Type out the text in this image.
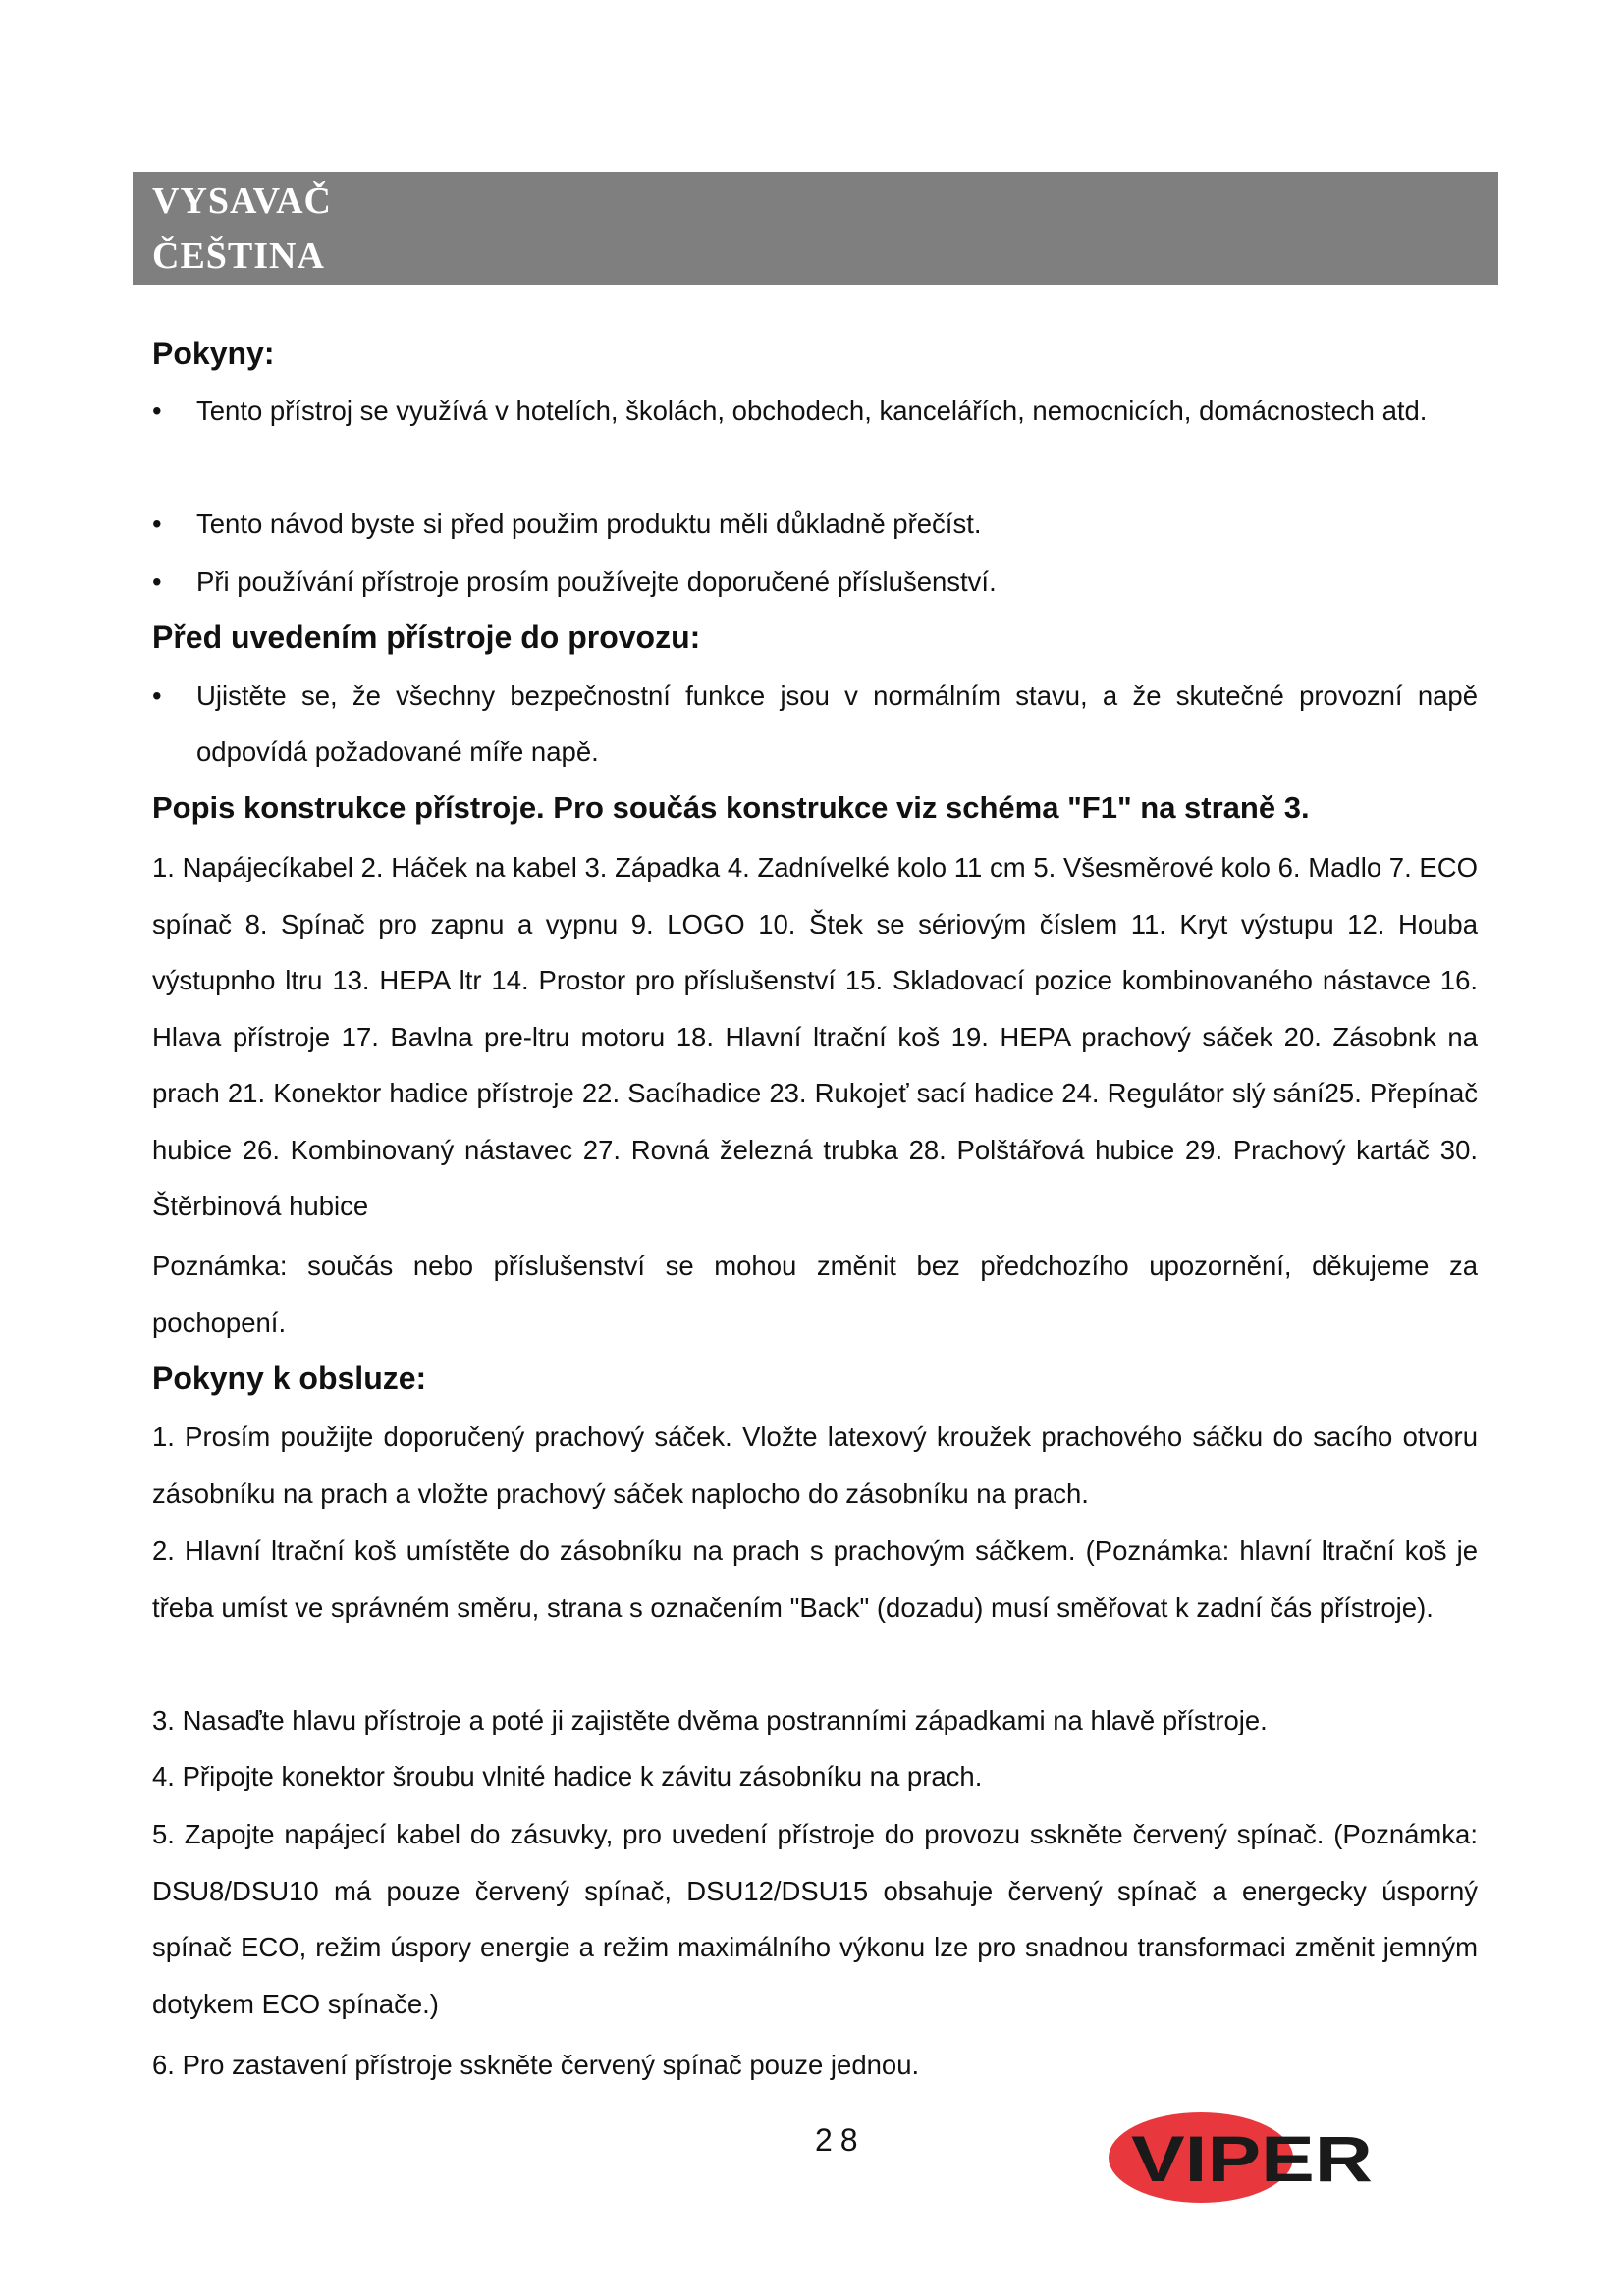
VYSAVAČ
ČEŠTINA
Pokyny:
•	Tento přístroj se využívá v hotelích, školách, obchodech, kancelářích, nemocnicích, domácnostech atd.
•	Tento návod byste si před použim produktu měli důkladně přečíst.
•	Při používání přístroje prosím používejte doporučené příslušenství.
Před uvedením přístroje do provozu:
•	Ujistěte se, že všechny bezpečnostní funkce jsou v normálním stavu, a že skutečné provozní napě odpovídá požadované míře napě.
Popis konstrukce přístroje. Pro součás konstrukce viz schéma "F1" na straně 3.
1. Napájecíkabel 2. Háček na kabel 3. Západka 4. Zadnívelké kolo 11 cm 5. Všesměrové kolo 6. Madlo 7. ECO spínač 8. Spínač pro zapnu a vypnu 9. LOGO 10. Štek se sériovým číslem 11. Kryt výstupu 12. Houba výstupnho ltru 13. HEPA ltr 14. Prostor pro příslušenství 15. Skladovací pozice kombinovaného nástavce 16. Hlava přístroje 17. Bavlna pre-ltru motoru 18. Hlavní ltrační koš 19. HEPA prachový sáček 20. Zásobnk na prach 21. Konektor hadice přístroje 22. Sacíhadice 23. Rukojeť sací hadice 24. Regulátor slý sání25. Přepínač hubice 26. Kombinovaný nástavec 27. Rovná železná trubka 28. Polštářová hubice 29. Prachový kartáč 30. Štěrbinová hubice
Poznámka: součás nebo příslušenství se mohou změnit bez předchozího upozornění, děkujeme za pochopení.
Pokyny k obsluze:
1. Prosím použijte doporučený prachový sáček. Vložte latexový kroužek prachového sáčku do sacího otvoru zásobníku na prach a vložte prachový sáček naplocho do zásobníku na prach.
2. Hlavní ltrační koš umístěte do zásobníku na prach s prachovým sáčkem. (Poznámka: hlavní ltrační koš je třeba umíst ve správném směru, strana s označením "Back" (dozadu) musí směřovat k zadní čás přístroje).
3. Nasaďte hlavu přístroje a poté ji zajistěte dvěma postranními západkami na hlavě přístroje.
4. Připojte konektor šroubu vlnité hadice k závitu zásobníku na prach.
5. Zapojte napájecí kabel do zásuvky, pro uvedení přístroje do provozu sskněte červený spínač. (Poznámka: DSU8/DSU10 má pouze červený spínač, DSU12/DSU15 obsahuje červený spínač a energecky úsporný spínač ECO, režim úspory energie a režim maximálního výkonu lze pro snadnou transformaci změnit jemným dotykem ECO spínače.)
6. Pro zastavení přístroje sskněte červený spínač pouze jednou.
28	VIPER
